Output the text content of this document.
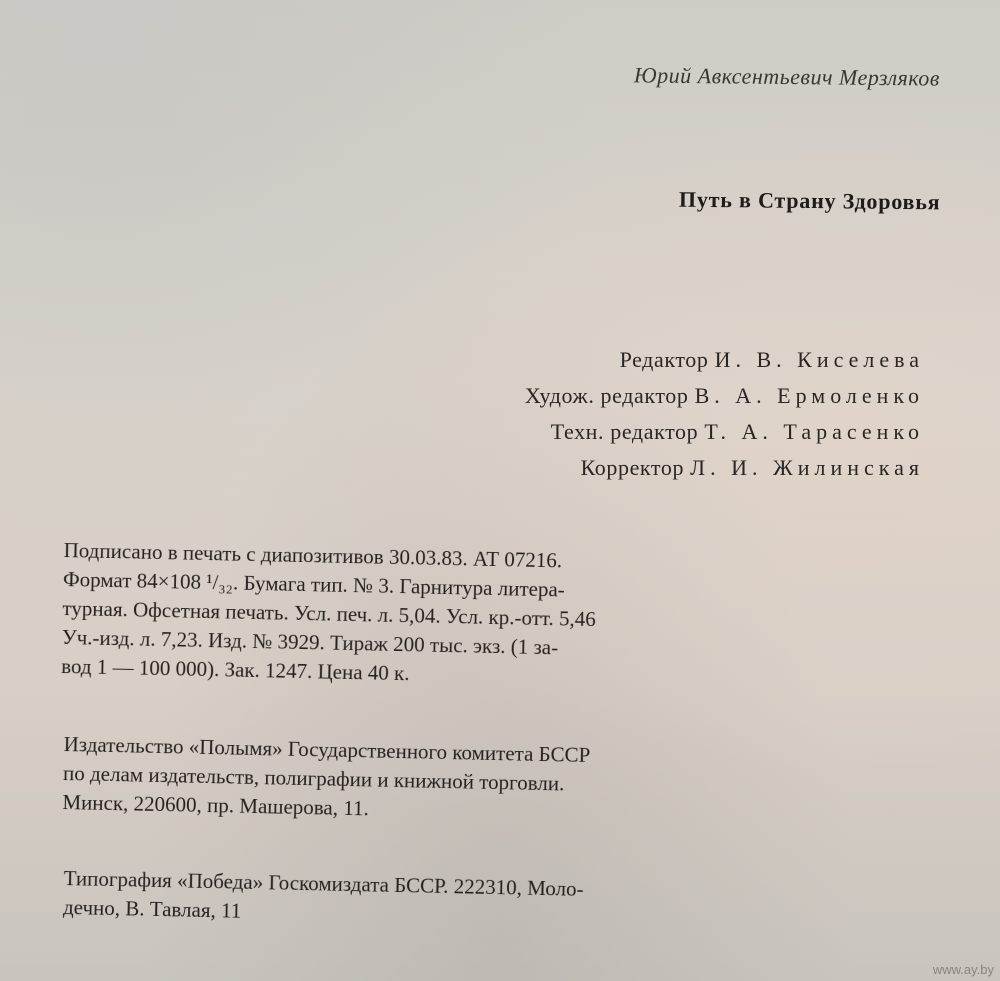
Юрий Авксентьевич Мерзляков
Путь в Страну Здоровья
Редактор И. В. Киселева
Худож. редактор В. А. Ермоленко
Техн. редактор Т. А. Тарасенко
Корректор Л. И. Жилинская
Подписано в печать с диапозитивов 30.03.83. АТ 07216.
Формат 84×108 ¹/₃₂. Бумага тип. № 3. Гарнитура литера-
турная. Офсетная печать. Усл. печ. л. 5,04. Усл. кр.-отт. 5,46
Уч.-изд. л. 7,23. Изд. № 3929. Тираж 200 тыс. экз. (1 за-
вод 1 — 100 000). Зак. 1247. Цена 40 к.
Издательство «Полымя» Государственного комитета БССР
по делам издательств, полиграфии и книжной торговли.
Минск, 220600, пр. Машерова, 11.
Типография «Победа» Госкомиздата БССР. 222310, Моло-
дечно, В. Тавлая, 11
www.ay.by
